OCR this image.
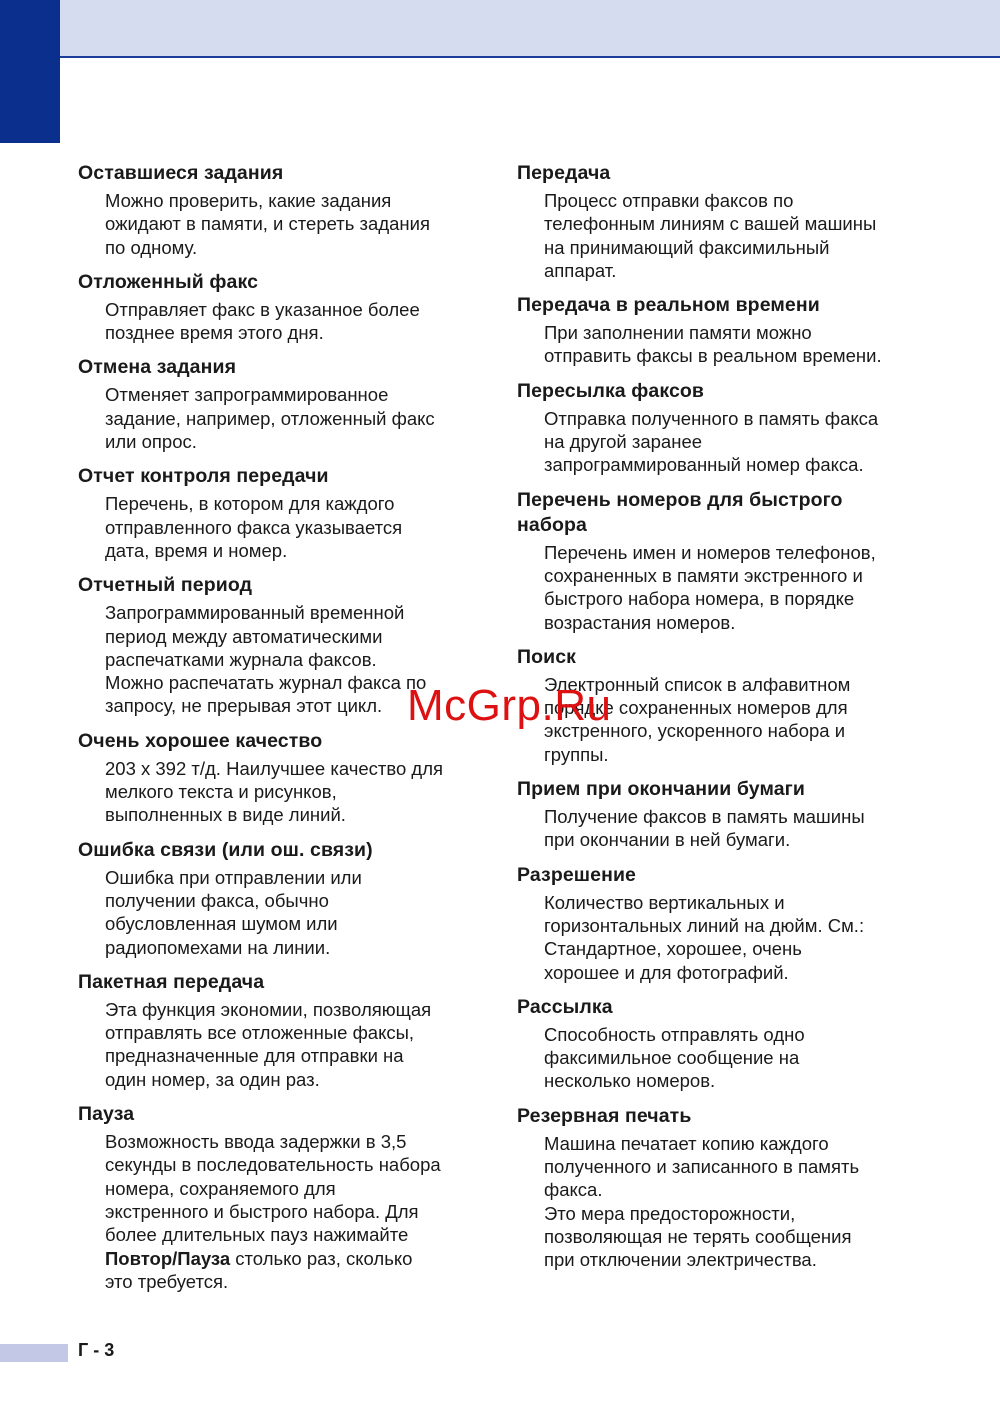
Оставшиеся задания
Можно проверить, какие задания
ожидают в памяти, и стереть задания
по одному.
Отложенный факс
Отправляет факс в указанное более
позднее время этого дня.
Отмена задания
Отменяет запрограммированное
задание, например, отложенный факс
или опрос.
Отчет контроля передачи
Перечень, в котором для каждого
отправленного факса указывается
дата, время и номер.
Отчетный период
Запрограммированный временной
период между автоматическими
распечатками журнала факсов.
Можно распечатать журнал факса по
запросу, не прерывая этот цикл.
Очень хорошее качество
203 x 392 т/д. Наилучшее качество для
мелкого текста и рисунков,
выполненных в виде линий.
Ошибка связи (или ош. связи)
Ошибка при отправлении или
получении факса, обычно
обусловленная шумом или
радиопомехами на линии.
Пакетная передача
Эта функция экономии, позволяющая
отправлять все отложенные факсы,
предназначенные для отправки на
один номер, за один раз.
Пауза
Возможность ввода задержки в 3,5
секунды в последовательность набора
номера, сохраняемого для
экстренного и быстрого набора. Для
более длительных пауз нажимайте
Повтор/Пауза столько раз, сколько
это требуется.
Передача
Процесс отправки факсов по
телефонным линиям с вашей машины
на принимающий факсимильный
аппарат.
Передача в реальном времени
При заполнении памяти можно
отправить факсы в реальном времени.
Пересылка факсов
Отправка полученного в память факса
на другой заранее
запрограммированный номер факса.
Перечень номеров для быстрого
набора
Перечень имен и номеров телефонов,
сохраненных в памяти экстренного и
быстрого набора номера, в порядке
возрастания номеров.
Поиск
Электронный список в алфавитном
порядке сохраненных номеров для
экстренного, ускоренного набора и
группы.
Прием при окончании бумаги
Получение факсов в память машины
при окончании в ней бумаги.
Разрешение
Количество вертикальных и
горизонтальных линий на дюйм. См.:
Стандартное, хорошее, очень
хорошее и для фотографий.
Рассылка
Способность отправлять одно
факсимильное сообщение на
несколько номеров.
Резервная печать
Машина печатает копию каждого
полученного и записанного в память
факса.
Это мера предосторожности,
позволяющая не терять сообщения
при отключении электричества.
McGrp.Ru
Г - 3
